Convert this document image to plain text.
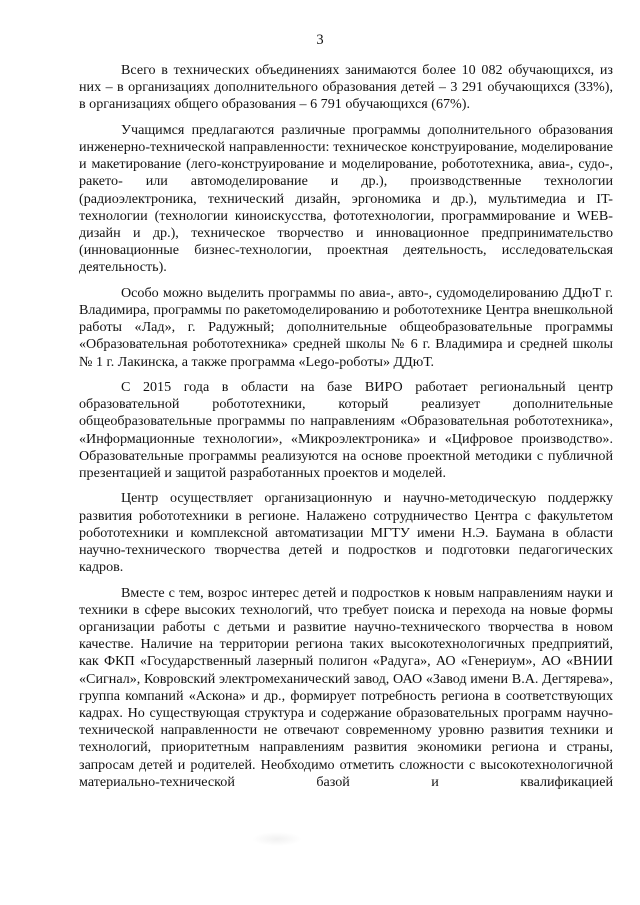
3

Всего в технических объединениях занимаются более 10 082 обучающихся, из них – в организациях дополнительного образования детей – 3 291 обучающихся (33%), в организациях общего образования – 6 791 обучающихся (67%).

Учащимся предлагаются различные программы дополнительного образования инженерно-технической направленности: техническое конструирование, моделирование и макетирование (лего-конструирование и моделирование, робототехника, авиа-, судо-, ракето- или автомоделирование и др.), производственные технологии (радиоэлектроника, технический дизайн, эргономика и др.), мультимедиа и IT-технологии (технологии киноискусства, фототехнологии, программирование и WEB-дизайн и др.), техническое творчество и инновационное предпринимательство (инновационные бизнес-технологии, проектная деятельность, исследовательская деятельность).

Особо можно выделить программы по авиа-, авто-, судомоделированию ДДюТ г. Владимира, программы по ракетомоделированию и робототехнике Центра внешкольной работы «Лад», г. Радужный; дополнительные общеобразовательные программы «Образовательная робототехника» средней школы № 6 г. Владимира и средней школы № 1 г. Лакинска, а также программа «Lego-роботы» ДДюТ.

С 2015 года в области на базе ВИРО работает региональный центр образовательной робототехники, который реализует дополнительные общеобразовательные программы по направлениям «Образовательная робототехника», «Информационные технологии», «Микроэлектроника» и «Цифровое производство». Образовательные программы реализуются на основе проектной методики с публичной презентацией и защитой разработанных проектов и моделей.

Центр осуществляет организационную и научно-методическую поддержку развития робототехники в регионе. Налажено сотрудничество Центра с факультетом робототехники и комплексной автоматизации МГТУ имени Н.Э. Баумана в области научно-технического творчества детей и подростков и подготовки педагогических кадров.

Вместе с тем, возрос интерес детей и подростков к новым направлениям науки и техники в сфере высоких технологий, что требует поиска и перехода на новые формы организации работы с детьми и развитие научно-технического творчества в новом качестве. Наличие на территории региона таких высокотехнологичных предприятий, как ФКП «Государственный лазерный полигон «Радуга», АО «Генериум», АО «ВНИИ «Сигнал», Ковровский электромеханический завод, ОАО «Завод имени В.А. Дегтярева», группа компаний «Аскона» и др., формирует потребность региона в соответствующих кадрах. Но существующая структура и содержание образовательных программ научно-технической направленности не отвечают современному уровню развития техники и технологий, приоритетным направлениям развития экономики региона и страны, запросам детей и родителей. Необходимо отметить сложности с высокотехнологичной материально-технической базой и квалификацией
